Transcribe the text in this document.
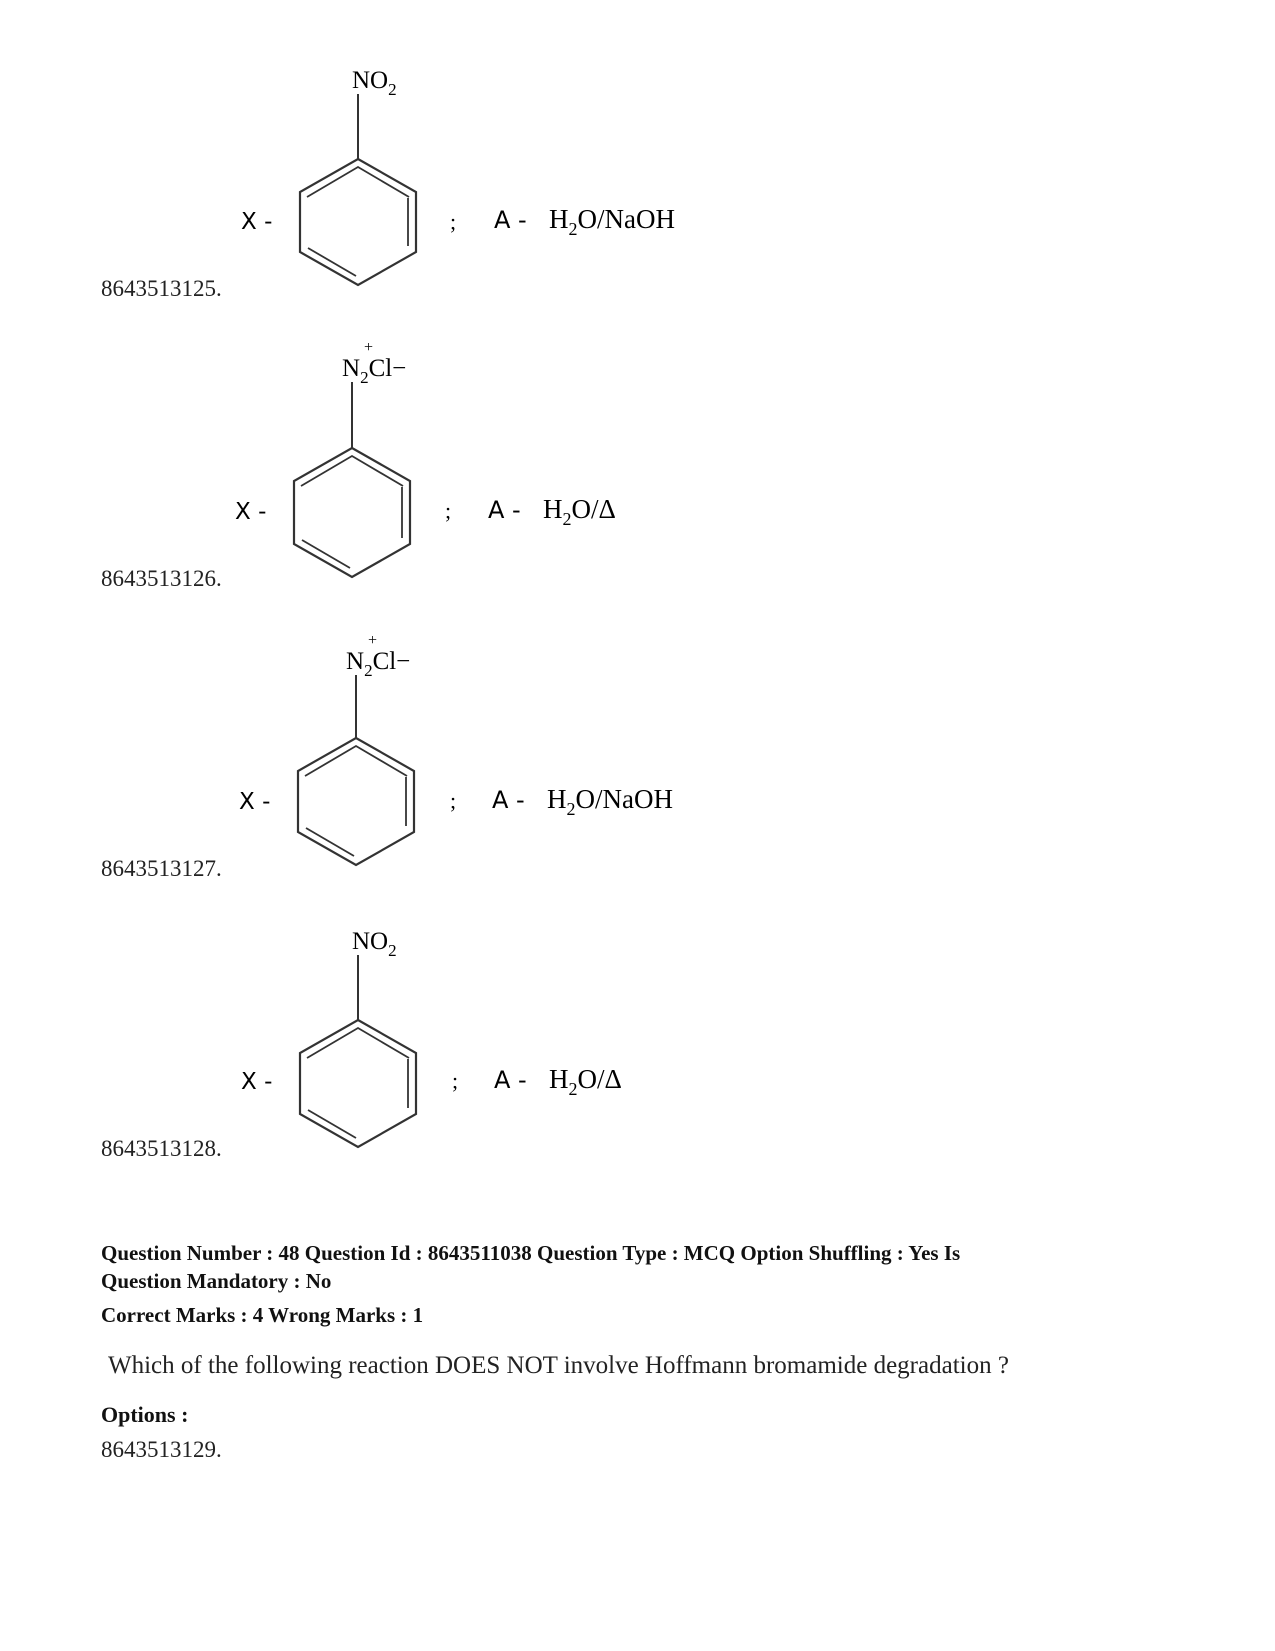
$NO_2$
X -	; A - $H_2O$/NaOH
8643513125.
+
$N_2Cl-$
X -	; A - $H_2O/\Delta$
8643513126.
+
$N_2Cl-$
X -	; A - $H_2O$/NaOH
8643513127.
$NO_2$
X -	; A - $H_2O/\Delta$
8643513128.
Question Number : 48 Question Id : 8643511038 Question Type : MCQ Option Shuffling : Yes Is
Question Mandatory : No
Correct Marks : 4 Wrong Marks : 1
Which of the following reaction DOES NOT involve Hoffmann bromamide degradation ?
Options :
8643513129.
